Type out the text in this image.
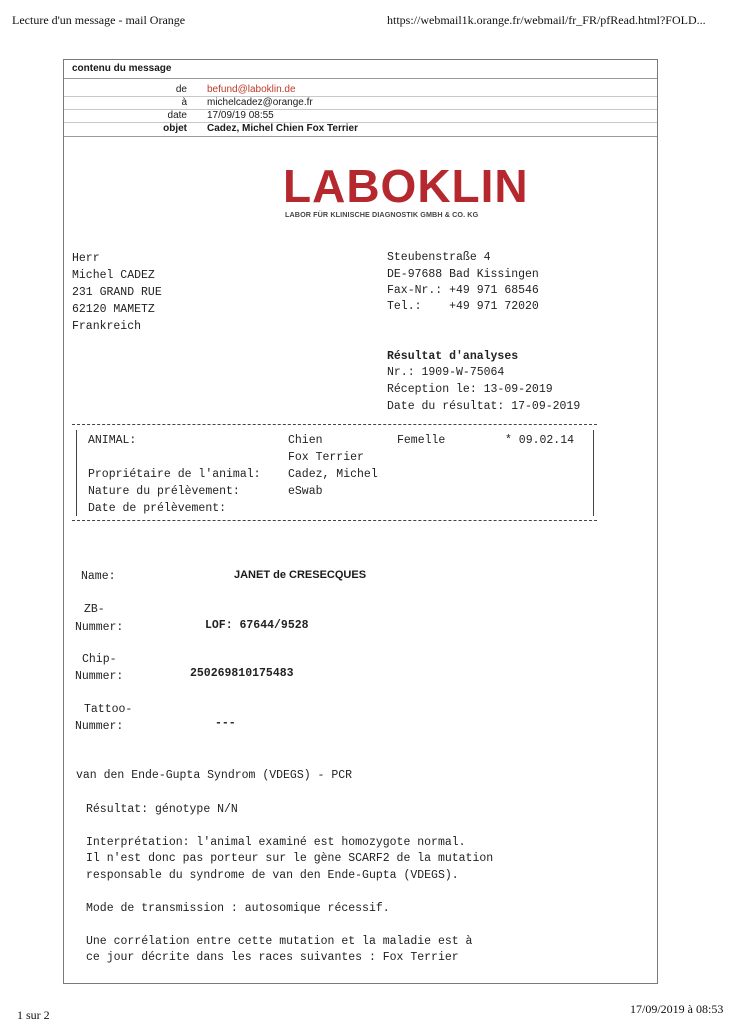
Lecture d'un message - mail Orange	https://webmail1k.orange.fr/webmail/fr_FR/pfRead.html?FOLD...
contenu du message
de befund@laboklin.de
à michelcadez@orange.fr
date 17/09/19 08:55
objet Cadez, Michel Chien Fox Terrier
LABOKLIN
LABOR FÜR KLINISCHE DIAGNOSTIK GMBH & CO. KG
Herr
Michel CADEZ
231 GRAND RUE
62120 MAMETZ
Frankreich
Steubenstraße 4
DE-97688 Bad Kissingen
Fax-Nr.: +49 971 68546
Tel.:    +49 971 72020
Résultat d'analyses
Nr.: 1909-W-75064
Réception le: 13-09-2019
Date du résultat: 17-09-2019
ANIMAL:	Chien	Femelle	* 09.02.14
Fox Terrier
Propriétaire de l'animal: Cadez, Michel
Nature du prélèvement:	eSwab
Date de prélèvement:
Name:	JANET de CRESECQUES
ZB-
Nummer:	LOF: 67644/9528
Chip-
Nummer:	250269810175483
Tattoo-
Nummer:	---
van den Ende-Gupta Syndrom (VDEGS) - PCR
Résultat: génotype N/N
Interprétation: l'animal examiné est homozygote normal.
Il n'est donc pas porteur sur le gène SCARF2 de la mutation
responsable du syndrome de van den Ende-Gupta (VDEGS).
Mode de transmission : autosomique récessif.
Une corrélation entre cette mutation et la maladie est à
ce jour décrite dans les races suivantes : Fox Terrier
1 sur 2	17/09/2019 à 08:53
